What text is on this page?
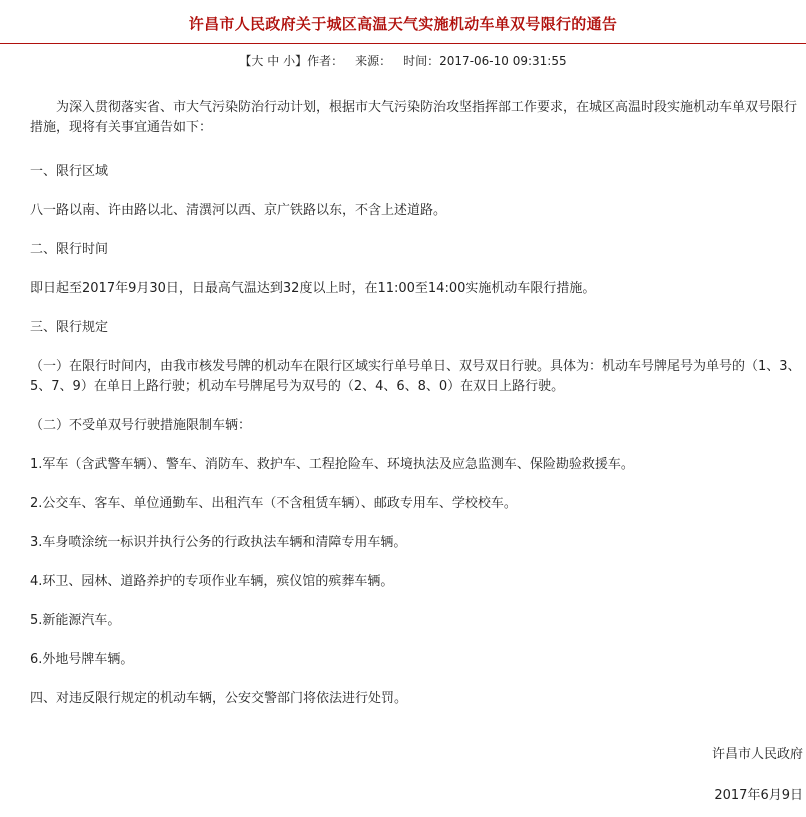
许昌市人民政府关于城区高温天气实施机动车单双号限行的通告
【大 中 小】作者： 来源： 时间：2017-06-10 09:31:55

为深入贯彻落实省、市大气污染防治行动计划，根据市大气污染防治攻坚指挥部工作要求，在城区高温时段实施机动车单双号限行措施，现将有关事宜通告如下：

一、限行区域

八一路以南、许由路以北、清潩河以西、京广铁路以东，不含上述道路。

二、限行时间

即日起至2017年9月30日，日最高气温达到32度以上时，在11:00至14:00实施机动车限行措施。

三、限行规定

（一）在限行时间内，由我市核发号牌的机动车在限行区域实行单号单日、双号双日行驶。具体为：机动车号牌尾号为单号的（1、3、5、7、9）在单日上路行驶；机动车号牌尾号为双号的（2、4、6、8、0）在双日上路行驶。

（二）不受单双号行驶措施限制车辆：

1.军车（含武警车辆）、警车、消防车、救护车、工程抢险车、环境执法及应急监测车、保险勘验救援车。

2.公交车、客车、单位通勤车、出租汽车（不含租赁车辆）、邮政专用车、学校校车。

3.车身喷涂统一标识并执行公务的行政执法车辆和清障专用车辆。

4.环卫、园林、道路养护的专项作业车辆，殡仪馆的殡葬车辆。

5.新能源汽车。

6.外地号牌车辆。

四、对违反限行规定的机动车辆，公安交警部门将依法进行处罚。

许昌市人民政府
2017年6月9日
